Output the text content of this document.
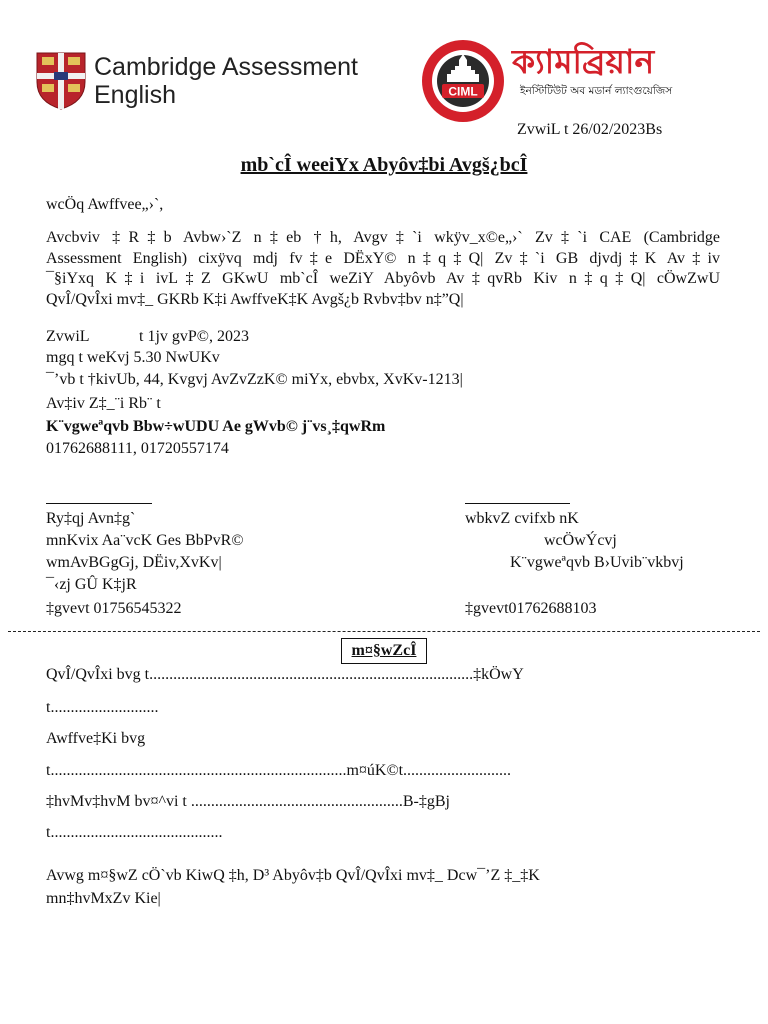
Cambridge Assessment
English	CIML
ক্যামব্রিয়ান
ইনস্টিটিউট অব মডার্ন ল্যাংগুয়েজিস
ZvwiL t 26/02/2023Bs
mb`cÎ weeiYx Abyôv‡bi Avgš¿bcÎ
wcÖq Awffvee„›`,
Avcbviv ‡R‡b Avbw›`Z n‡eb †h, Avgv‡`i wkÿv_x©e„›` Zv‡`i CAE (Cambridge
Assessment English) cixÿvq mdj fv‡e DËxY© n‡q‡Q| Zv‡`i GB djvdj‡K Av‡iv
¯§iYxq K‡i ivL‡Z GKwU mb`cÎ weZiY Abyôvb Av‡qvRb Kiv n‡q‡Q| cÖwZwU
QvÎ/QvÎxi mv‡_ GKRb K‡i AwffveK‡K Avgš¿b Rvbv‡bv n‡”Q|
ZvwiL	t 1jv gvP©, 2023
mgq t weKvj 5.30 NwUKv
¯’vb t †kivUb, 44, Kvgvj AvZvZzK© miYx, ebvbx, XvKv-1213|
Av‡iv Z‡_¨i Rb¨ t
K¨vgweªqvb Bbw÷wUDU Ae gWvb© j¨vs¸‡qwRm
01762688111, 01720557174
Ry‡qj Avn‡g`
mnKvix Aa¨vcK Ges BbPvR©
wmAvBGgGj, DËiv,XvKv|
¯‹zj GÛ K‡jR
‡gvevt 01756545322
wbkvZ cvifxb nK
wcÖwÝcvj
K¨vgweªqvb B›Uvib¨vkbvj
‡gvevt01762688103
m¤§wZcÎ
QvÎ/QvÎxi bvg t.................................................................................‡kÖwY
t...........................
Awffve‡Ki bvg
t..........................................................................m¤úK©t...........................
‡hvMv‡hvM bv¤^vi t .....................................................B-‡gBj
t...........................................
Avwg m¤§wZ cÖ`vb KiwQ ‡h, D³ Abyôv‡b QvÎ/QvÎxi mv‡_ Dcw¯’Z ‡_‡K
mn‡hvMxZv Kie|
